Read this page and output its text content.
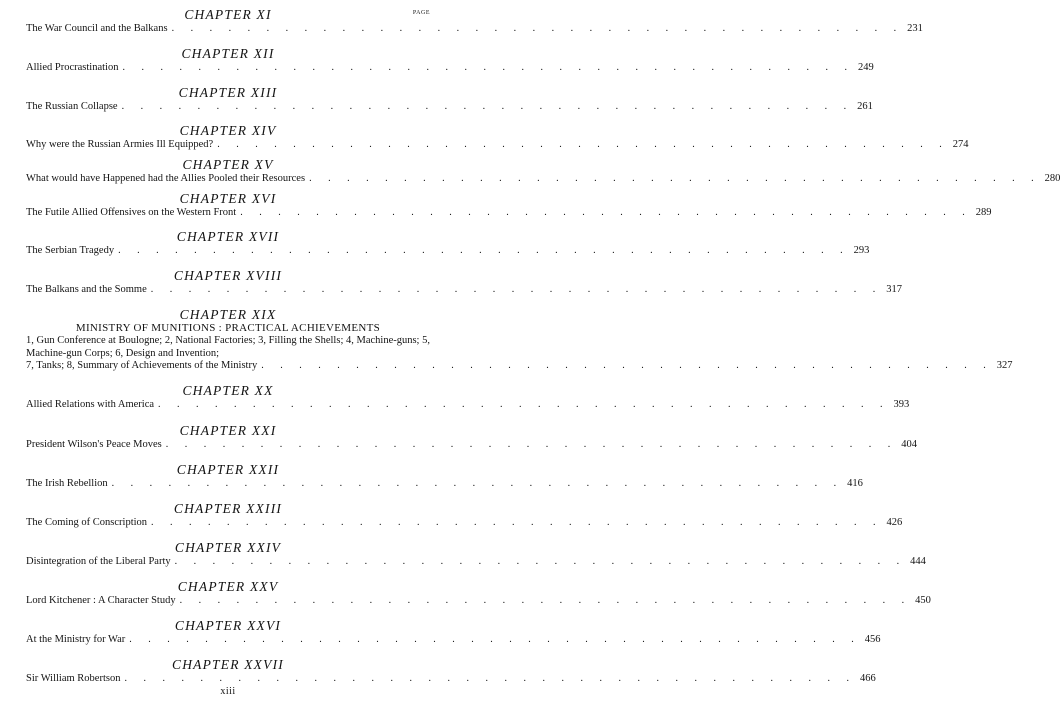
PAGE
CHAPTER XI
The War Council and the Balkans . . . . . . . . . . . . . . . . . . . . . . . . . . . . . . . . . . . . . . . 231
CHAPTER XII
Allied Procrastination . . . . . . . . . . . . . . . . . . . . . . . . . . . . . . . . . . . . . . . 249
CHAPTER XIII
The Russian Collapse . . . . . . . . . . . . . . . . . . . . . . . . . . . . . . . . . . . . . . . 261
CHAPTER XIV
Why were the Russian Armies Ill Equipped? . . . . . . . . . . . . . . . . . . . . . . . . . . . . . . . . . . . . . . . 274
CHAPTER XV
What would have Happened had the Allies Pooled their Resources . . . . . . . . . . . . . . . . . . . . . . . . . . . . . . . . . . . . . . . 280
CHAPTER XVI
The Futile Allied Offensives on the Western Front . . . . . . . . . . . . . . . . . . . . . . . . . . . . . . . . . . . . . . . 289
CHAPTER XVII
The Serbian Tragedy . . . . . . . . . . . . . . . . . . . . . . . . . . . . . . . . . . . . . . . 293
CHAPTER XVIII
The Balkans and the Somme . . . . . . . . . . . . . . . . . . . . . . . . . . . . . . . . . . . . . . . 317
CHAPTER XIX
MINISTRY OF MUNITIONS : PRACTICAL ACHIEVEMENTS
1, Gun Conference at Boulogne; 2, National Factories; 3, Filling the Shells; 4, Machine-guns; 5, Machine-gun Corps; 6, Design and Invention;
7, Tanks; 8, Summary of Achievements of the Ministry . . . . . . . . . . . . . . . . . . . . . . . . . . . . . . . . . . . . . . . 327
CHAPTER XX
Allied Relations with America . . . . . . . . . . . . . . . . . . . . . . . . . . . . . . . . . . . . . . . 393
CHAPTER XXI
President Wilson's Peace Moves . . . . . . . . . . . . . . . . . . . . . . . . . . . . . . . . . . . . . . . 404
CHAPTER XXII
The Irish Rebellion . . . . . . . . . . . . . . . . . . . . . . . . . . . . . . . . . . . . . . . 416
CHAPTER XXIII
The Coming of Conscription . . . . . . . . . . . . . . . . . . . . . . . . . . . . . . . . . . . . . . . 426
CHAPTER XXIV
Disintegration of the Liberal Party . . . . . . . . . . . . . . . . . . . . . . . . . . . . . . . . . . . . . . . 444
CHAPTER XXV
Lord Kitchener : A Character Study . . . . . . . . . . . . . . . . . . . . . . . . . . . . . . . . . . . . . . . 450
CHAPTER XXVI
At the Ministry for War . . . . . . . . . . . . . . . . . . . . . . . . . . . . . . . . . . . . . . . 456
CHAPTER XXVII
Sir William Robertson . . . . . . . . . . . . . . . . . . . . . . . . . . . . . . . . . . . . . . . 466
xiii
